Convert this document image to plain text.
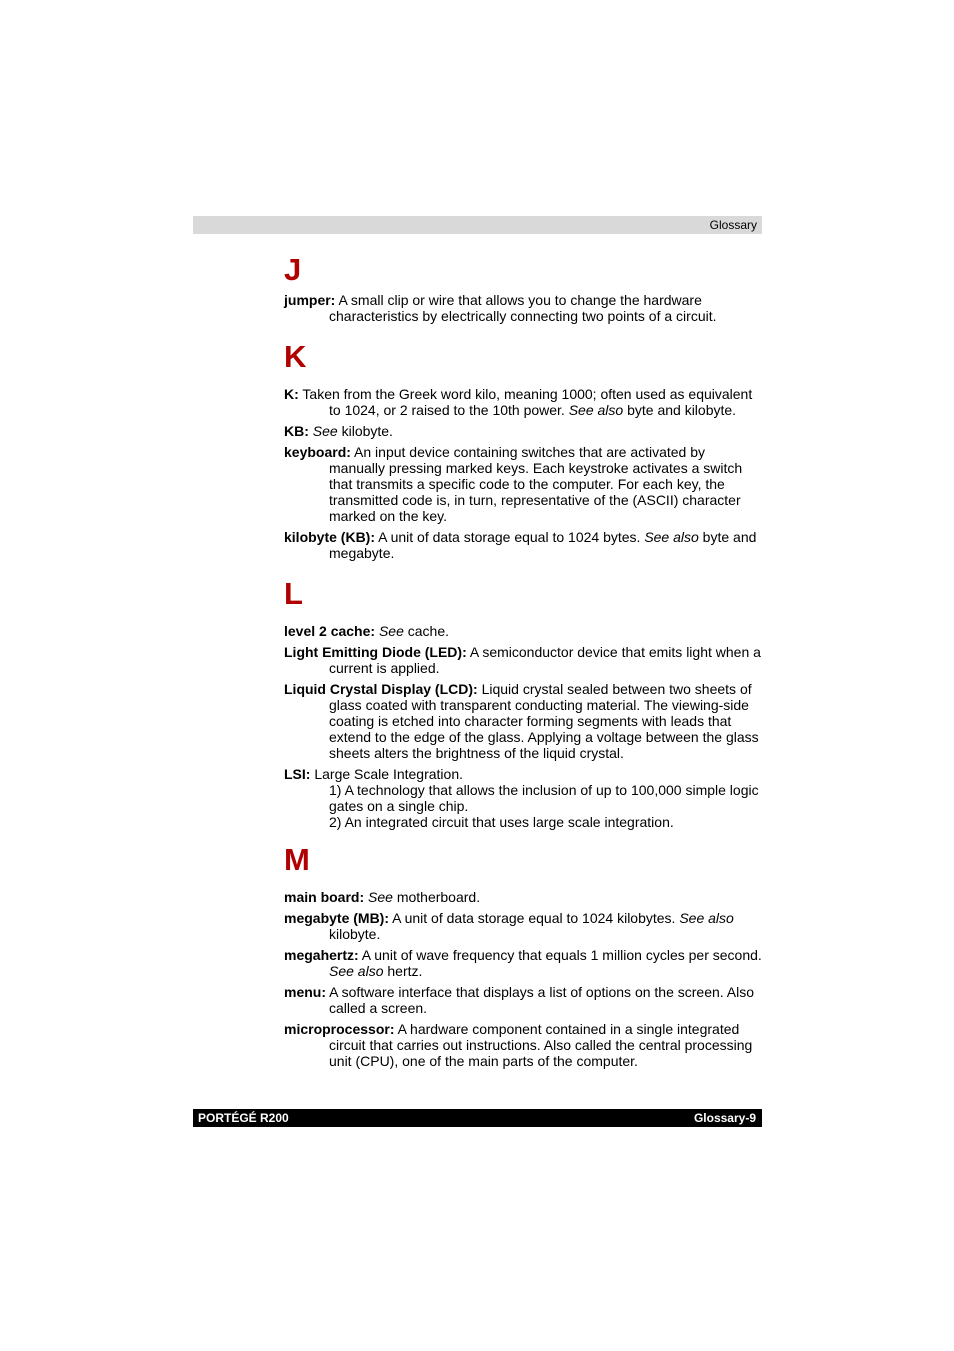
Glossary
J
jumper: A small clip or wire that allows you to change the hardware characteristics by electrically connecting two points of a circuit.
K
K: Taken from the Greek word kilo, meaning 1000; often used as equivalent to 1024, or 2 raised to the 10th power. See also byte and kilobyte.
KB: See kilobyte.
keyboard: An input device containing switches that are activated by manually pressing marked keys. Each keystroke activates a switch that transmits a specific code to the computer. For each key, the transmitted code is, in turn, representative of the (ASCII) character marked on the key.
kilobyte (KB): A unit of data storage equal to 1024 bytes. See also byte and megabyte.
L
level 2 cache: See cache.
Light Emitting Diode (LED): A semiconductor device that emits light when a current is applied.
Liquid Crystal Display (LCD): Liquid crystal sealed between two sheets of glass coated with transparent conducting material. The viewing-side coating is etched into character forming segments with leads that extend to the edge of the glass. Applying a voltage between the glass sheets alters the brightness of the liquid crystal.
LSI: Large Scale Integration.
1) A technology that allows the inclusion of up to 100,000 simple logic gates on a single chip.
2) An integrated circuit that uses large scale integration.
M
main board: See motherboard.
megabyte (MB): A unit of data storage equal to 1024 kilobytes. See also kilobyte.
megahertz: A unit of wave frequency that equals 1 million cycles per second. See also hertz.
menu: A software interface that displays a list of options on the screen. Also called a screen.
microprocessor: A hardware component contained in a single integrated circuit that carries out instructions. Also called the central processing unit (CPU), one of the main parts of the computer.
PORTÉGÉ R200	Glossary-9
